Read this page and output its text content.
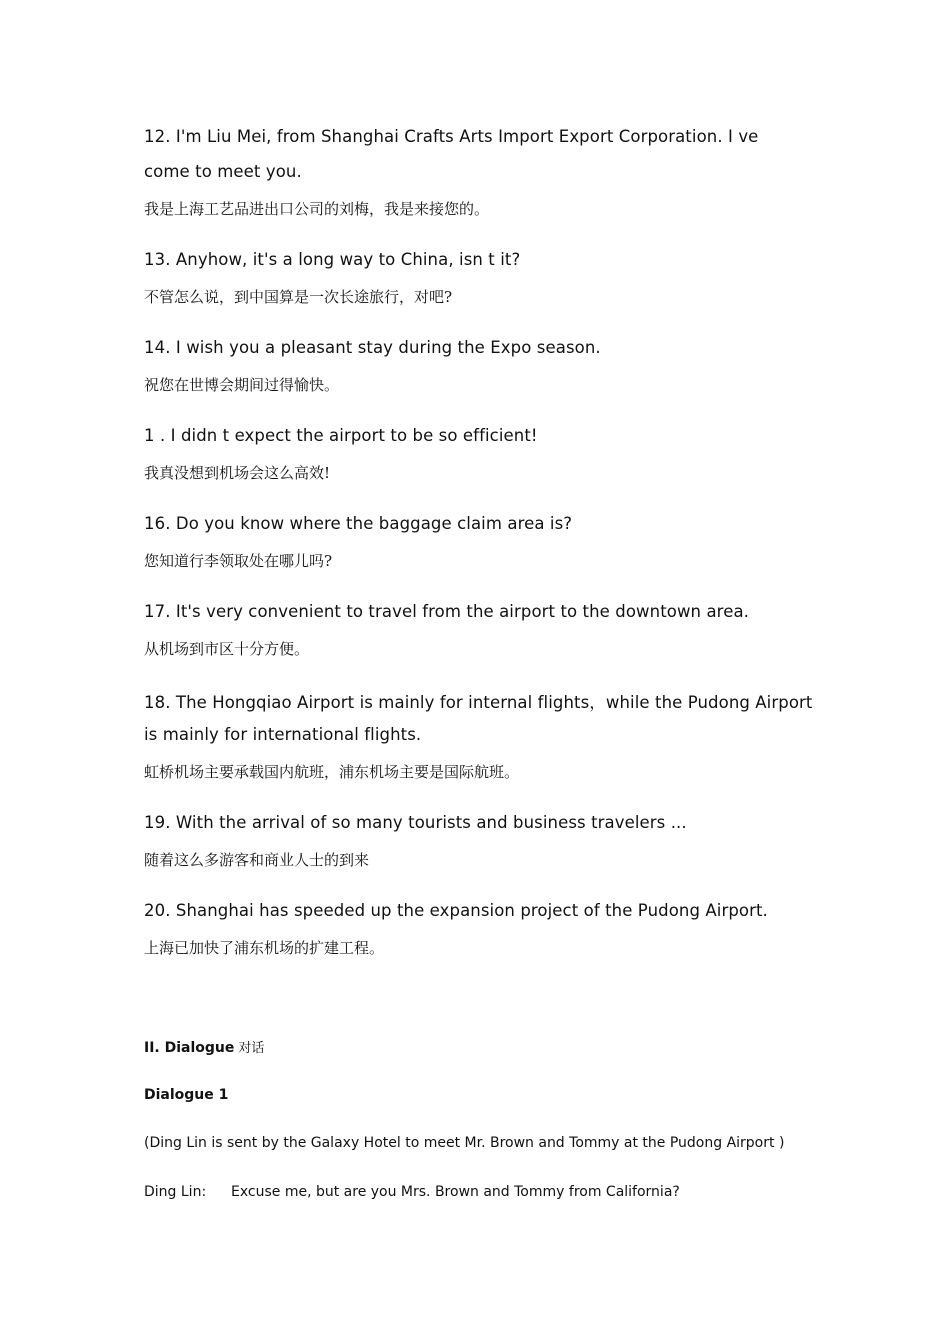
12. I'm Liu Mei, from Shanghai Crafts Arts Import Export Corporation. I ve
come to meet you.
我是上海工艺品进出口公司的刘梅，我是来接您的。
13. Anyhow, it's a long way to China, isn t it?
不管怎么说，到中国算是一次长途旅行，对吧?
14. I wish you a pleasant stay during the Expo season.
祝您在世博会期间过得愉快。
1 . I didn t expect the airport to be so efficient!
我真没想到机场会这么高效!
16. Do you know where the baggage claim area is?
您知道行李领取处在哪儿吗?
17. It's very convenient to travel from the airport to the downtown area.
从机场到市区十分方便。
18. The Hongqiao Airport is mainly for internal flights，while the Pudong Airport
is mainly for international flights.
虹桥机场主要承载国内航班，浦东机场主要是国际航班。
19. With the arrival of so many tourists and business travelers ...
随着这么多游客和商业人士的到来
20. Shanghai has speeded up the expansion project of the Pudong Airport.
上海已加快了浦东机场的扩建工程。
II. Dialogue 对话
Dialogue 1
(Ding Lin is sent by the Galaxy Hotel to meet Mr. Brown and Tommy at the Pudong Airport )
Ding Lin: Excuse me, but are you Mrs. Brown and Tommy from California?
